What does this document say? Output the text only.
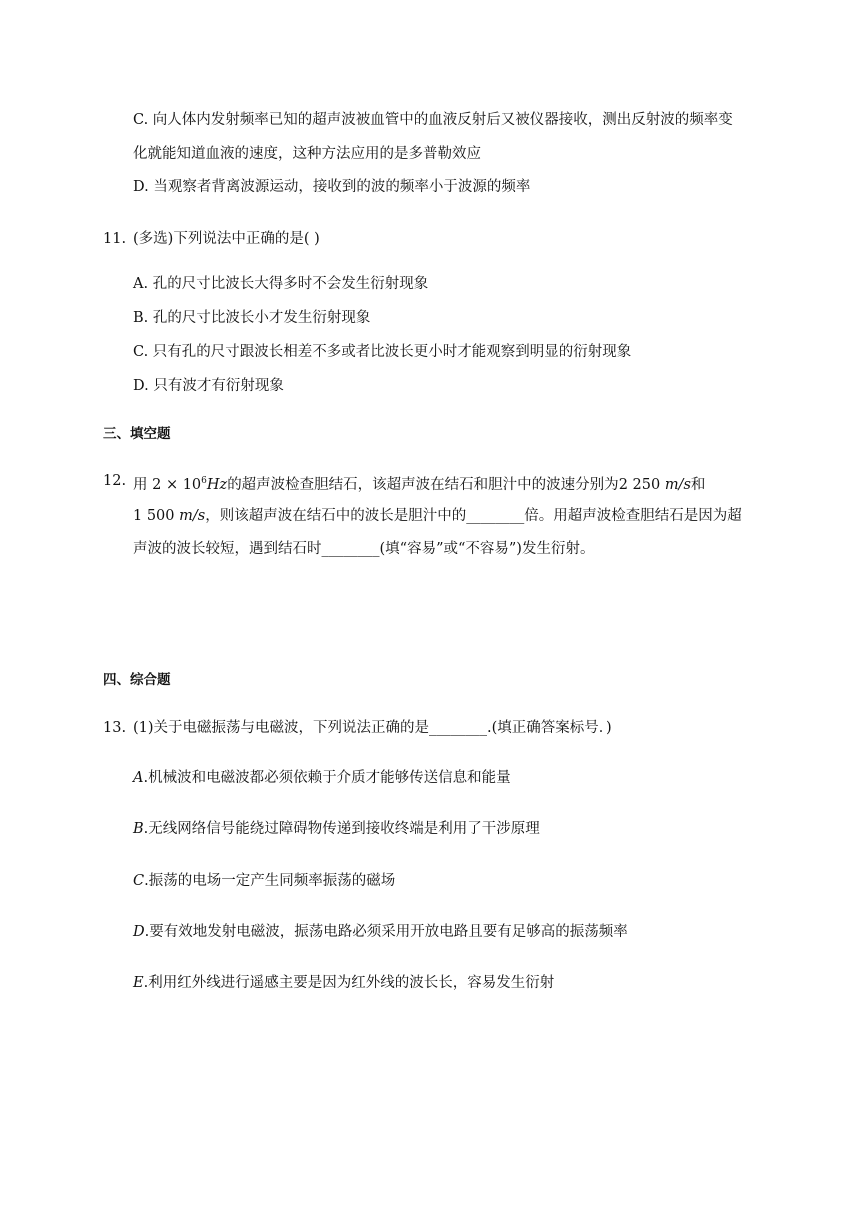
C. 向人体内发射频率已知的超声波被血管中的血液反射后又被仪器接收，测出反射波的频率变
化就能知道血液的速度，这种方法应用的是多普勒效应
D. 当观察者背离波源运动，接收到的波的频率小于波源的频率
11. (多选)下列说法中正确的是( )
A. 孔的尺寸比波长大得多时不会发生衍射现象
B. 孔的尺寸比波长小才发生衍射现象
C. 只有孔的尺寸跟波长相差不多或者比波长更小时才能观察到明显的衍射现象
D. 只有波才有衍射现象
三、填空题
12. 用 $2 \times 10^6Hz$的超声波检查胆结石，该超声波在结石和胆汁中的波速分别为2 250 m/s和
1 500 m/s，则该超声波在结石中的波长是胆汁中的________倍。用超声波检查胆结石是因为超
声波的波长较短，遇到结石时________(填“容易”或“不容易”)发生衍射。
四、综合题
13. (1)关于电磁振荡与电磁波，下列说法正确的是________.(填正确答案标号．)
A.机械波和电磁波都必须依赖于介质才能够传送信息和能量
B.无线网络信号能绕过障碍物传递到接收终端是利用了干涉原理
C.振荡的电场一定产生同频率振荡的磁场
D.要有效地发射电磁波，振荡电路必须采用开放电路且要有足够高的振荡频率
E.利用红外线进行遥感主要是因为红外线的波长长，容易发生衍射
